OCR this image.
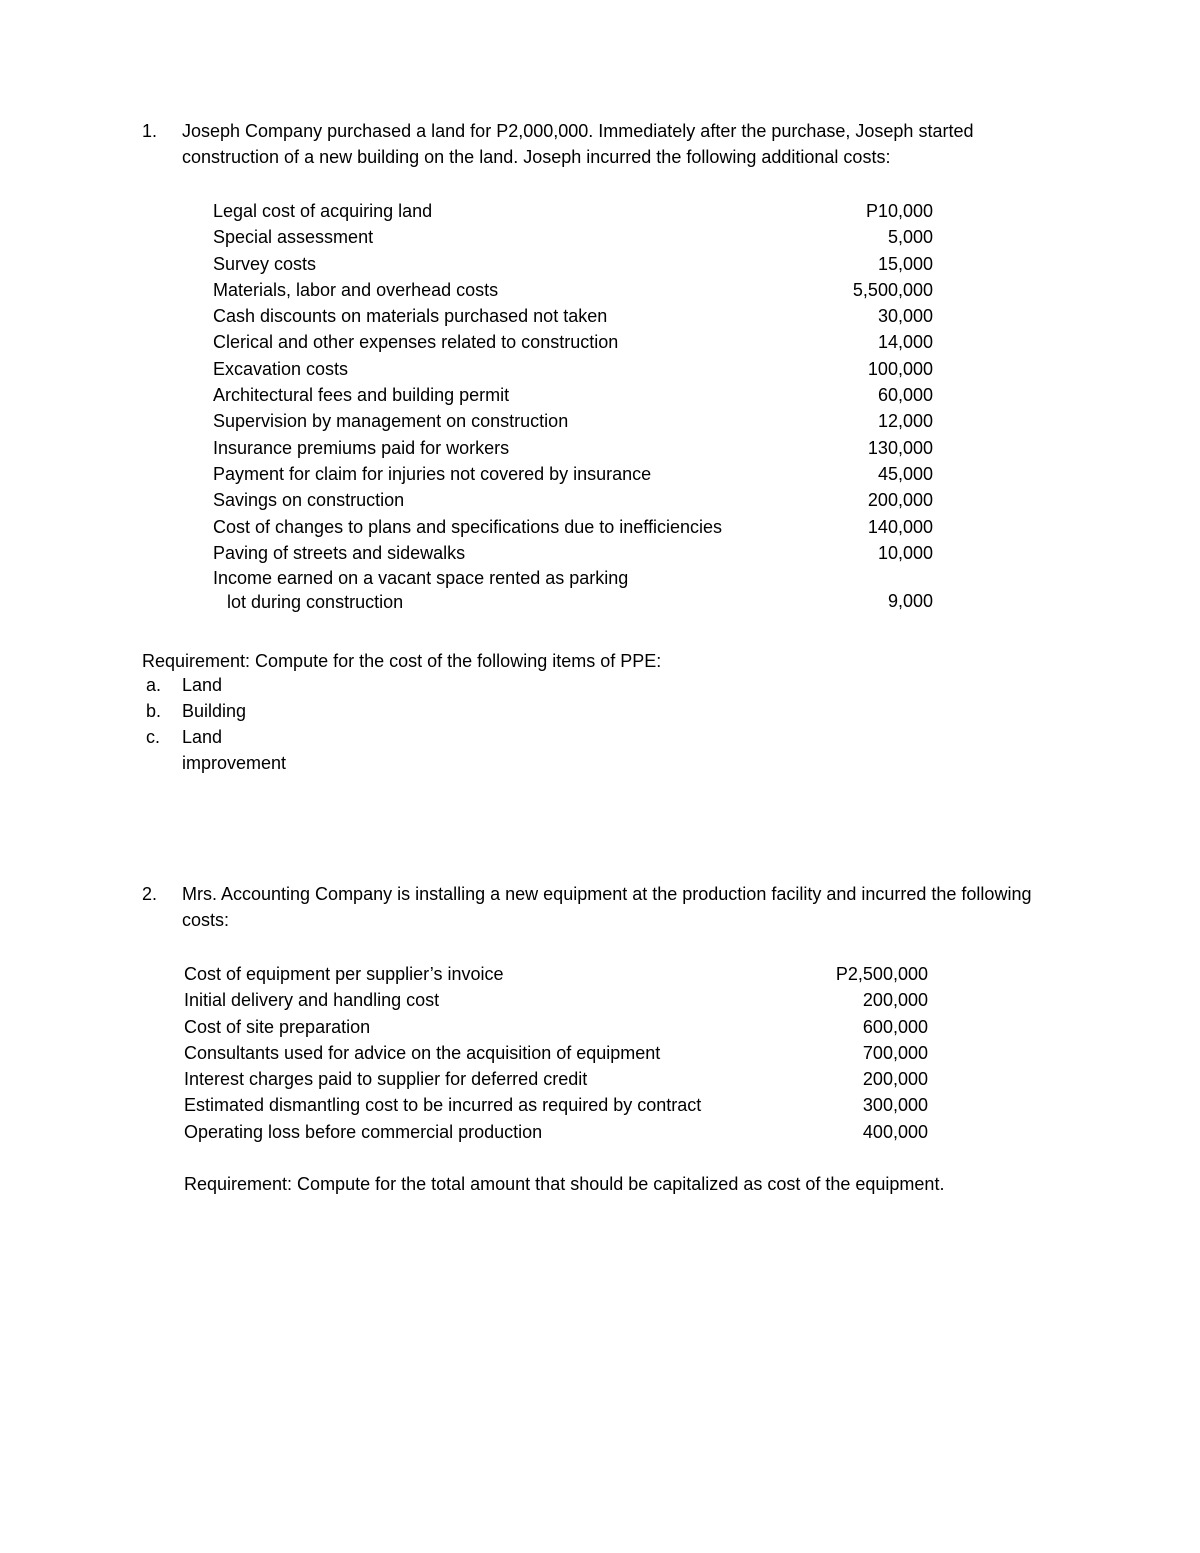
1.	Joseph Company purchased a land for P2,000,000. Immediately after the purchase, Joseph started construction of a new building on the land. Joseph incurred the following additional costs:
Legal cost of acquiring land	P10,000
Special assessment	5,000
Survey costs	15,000
Materials, labor and overhead costs	5,500,000
Cash discounts on materials purchased not taken	30,000
Clerical and other expenses related to construction	14,000
Excavation costs	100,000
Architectural fees and building permit	60,000
Supervision by management on construction	12,000
Insurance premiums paid for workers	130,000
Payment for claim for injuries not covered by insurance	45,000
Savings on construction	200,000
Cost of changes to plans and specifications due to inefficiencies	140,000
Paving of streets and sidewalks	10,000
Income earned on a vacant space rented as parking
lot during construction	9,000
Requirement: Compute for the cost of the following items of PPE:
a. Land
b. Building
c. Land improvement
2.	Mrs. Accounting Company is installing a new equipment at the production facility and incurred the following costs:
Cost of equipment per supplier’s invoice	P2,500,000
Initial delivery and handling cost	200,000
Cost of site preparation	600,000
Consultants used for advice on the acquisition of equipment	700,000
Interest charges paid to supplier for deferred credit	200,000
Estimated dismantling cost to be incurred as required by contract	300,000
Operating loss before commercial production	400,000
Requirement: Compute for the total amount that should be capitalized as cost of the equipment.
